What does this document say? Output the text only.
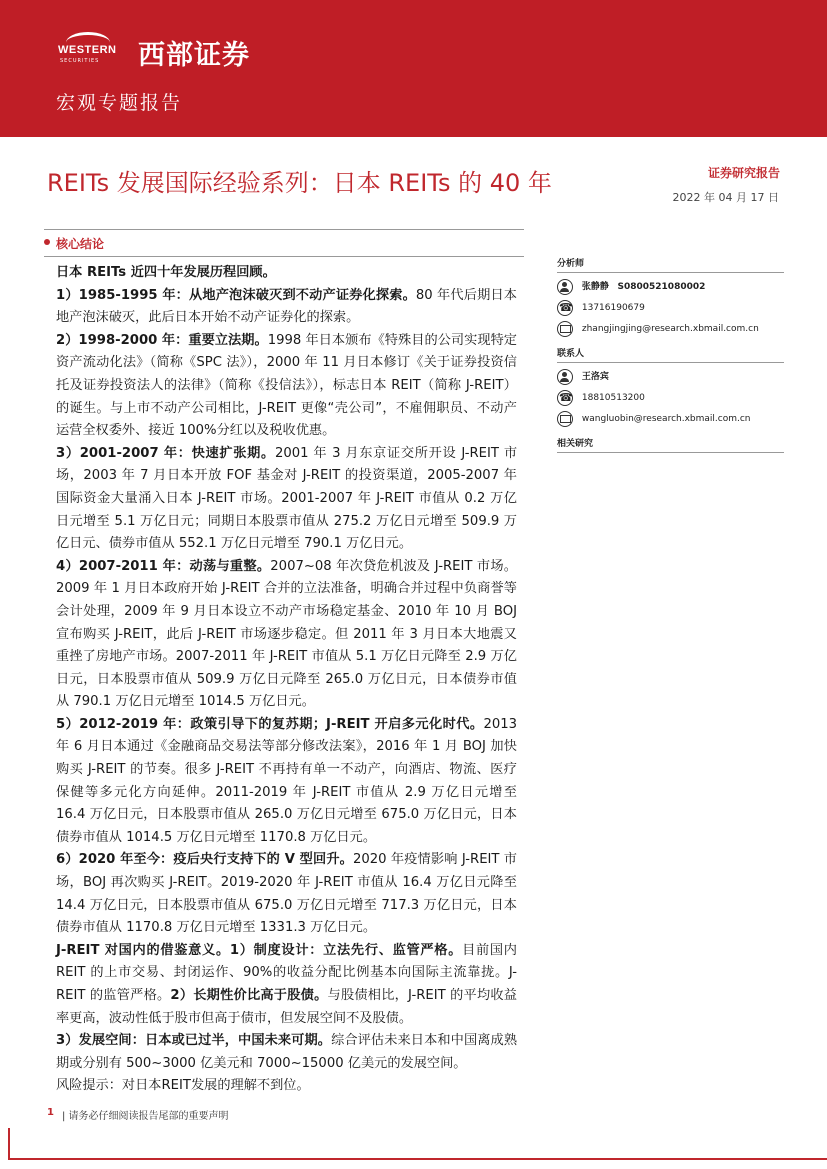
WESTERN
SECURITIES 西部证券
宏观专题报告
REITs 发展国际经验系列：日本 REITs 的 40 年	证券研究报告
2022 年 04 月 17 日
核心结论

日本 REITs 近四十年发展历程回顾。

1）1985-1995 年：从地产泡沫破灭到不动产证券化探索。80 年代后期日本地产泡沫破灭，此后日本开始不动产证券化的探索。

2）1998-2000 年：重要立法期。1998 年日本颁布《特殊目的公司实现特定资产流动化法》（简称《SPC 法》），2000 年 11 月日本修订《关于证券投资信托及证券投资法人的法律》（简称《投信法》），标志日本 REIT（简称 J-REIT）的诞生。与上市不动产公司相比，J-REIT 更像“壳公司”，不雇佣职员、不动产运营全权委外、接近 100%分红以及税收优惠。

3）2001-2007 年：快速扩张期。2001 年 3 月东京证交所开设 J-REIT 市场，2003 年 7 月日本开放 FOF 基金对 J-REIT 的投资渠道，2005-2007 年国际资金大量涌入日本 J-REIT 市场。2001-2007 年 J-REIT 市值从 0.2 万亿日元增至 5.1 万亿日元；同期日本股票市值从 275.2 万亿日元增至 509.9 万亿日元、债券市值从 552.1 万亿日元增至 790.1 万亿日元。

4）2007-2011 年：动荡与重整。2007~08 年次贷危机波及 J-REIT 市场。2009 年 1 月日本政府开始 J-REIT 合并的立法准备，明确合并过程中负商誉等会计处理，2009 年 9 月日本设立不动产市场稳定基金、2010 年 10 月 BOJ 宣布购买 J-REIT，此后 J-REIT 市场逐步稳定。但 2011 年 3 月日本大地震又重挫了房地产市场。2007-2011 年 J-REIT 市值从 5.1 万亿日元降至 2.9 万亿日元，日本股票市值从 509.9 万亿日元降至 265.0 万亿日元，日本债券市值从 790.1 万亿日元增至 1014.5 万亿日元。

5）2012-2019 年：政策引导下的复苏期；J-REIT 开启多元化时代。2013 年 6 月日本通过《金融商品交易法等部分修改法案》，2016 年 1 月 BOJ 加快购买 J-REIT 的节奏。很多 J-REIT 不再持有单一不动产，向酒店、物流、医疗保健等多元化方向延伸。2011-2019 年 J-REIT 市值从 2.9 万亿日元增至 16.4 万亿日元，日本股票市值从 265.0 万亿日元增至 675.0 万亿日元，日本债券市值从 1014.5 万亿日元增至 1170.8 万亿日元。

6）2020 年至今：疫后央行支持下的 V 型回升。2020 年疫情影响 J-REIT 市场，BOJ 再次购买 J-REIT。2019-2020 年 J-REIT 市值从 16.4 万亿日元降至 14.4 万亿日元，日本股票市值从 675.0 万亿日元增至 717.3 万亿日元，日本债券市值从 1170.8 万亿日元增至 1331.3 万亿日元。

J-REIT 对国内的借鉴意义。1）制度设计：立法先行、监管严格。目前国内 REIT 的上市交易、封闭运作、90%的收益分配比例基本向国际主流靠拢。J-REIT 的监管严格。2）长期性价比高于股债。与股债相比，J-REIT 的平均收益率更高，波动性低于股市但高于债市，但发展空间不及股债。

3）发展空间：日本或已过半，中国未来可期。综合评估未来日本和中国离成熟期或分别有 500~3000 亿美元和 7000~15000 亿美元的发展空间。

风险提示：对日本REIT发展的理解不到位。

分析师
张静静 S0800521080002
☎ 13716190679
zhangjingjing@research.xbmail.com.cn
联系人
王洛宾
☎ 18810513200
wangluobin@research.xbmail.com.cn
相关研究
1 | 请务必仔细阅读报告尾部的重要声明
